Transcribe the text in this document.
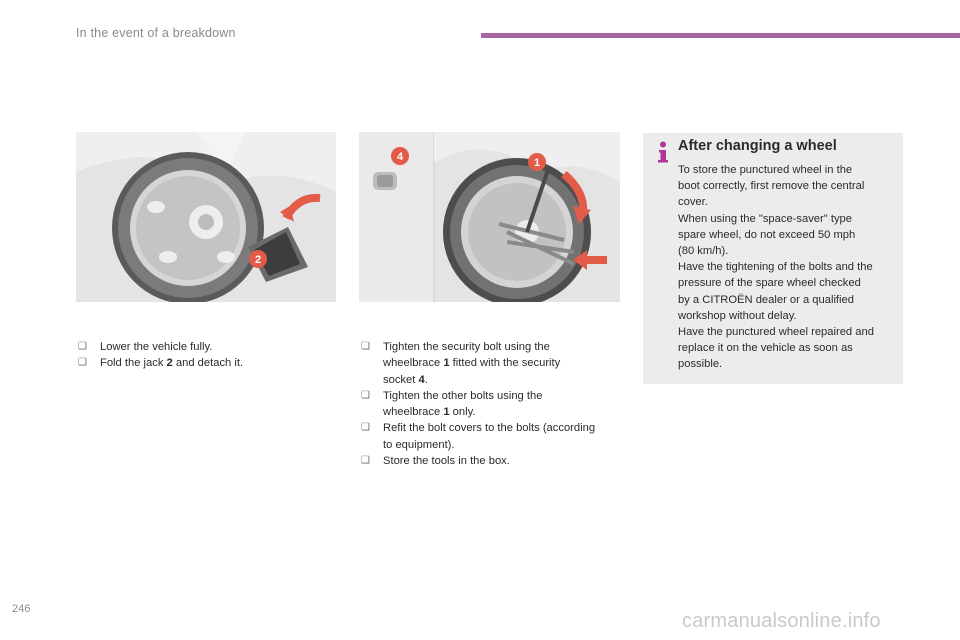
In the event of a breakdown
2
4	1
❑ Lower the vehicle fully.
❑ Fold the jack 2 and detach it.
❑ Tighten the security bolt using the
wheelbrace 1 fitted with the security
socket 4.
❑ Tighten the other bolts using the
wheelbrace 1 only.
❑ Refit the bolt covers to the bolts (according
to equipment).
❑ Store the tools in the box.
After changing a wheel

To store the punctured wheel in the

boot correctly, first remove the central

cover.

When using the "space-saver" type

spare wheel, do not exceed 50 mph

(80 km/h).

Have the tightening of the bolts and the

pressure of the spare wheel checked

by a CITROËN dealer or a qualified

workshop without delay.

Have the punctured wheel repaired and

replace it on the vehicle as soon as

possible.

246
carmanualsonline.info
